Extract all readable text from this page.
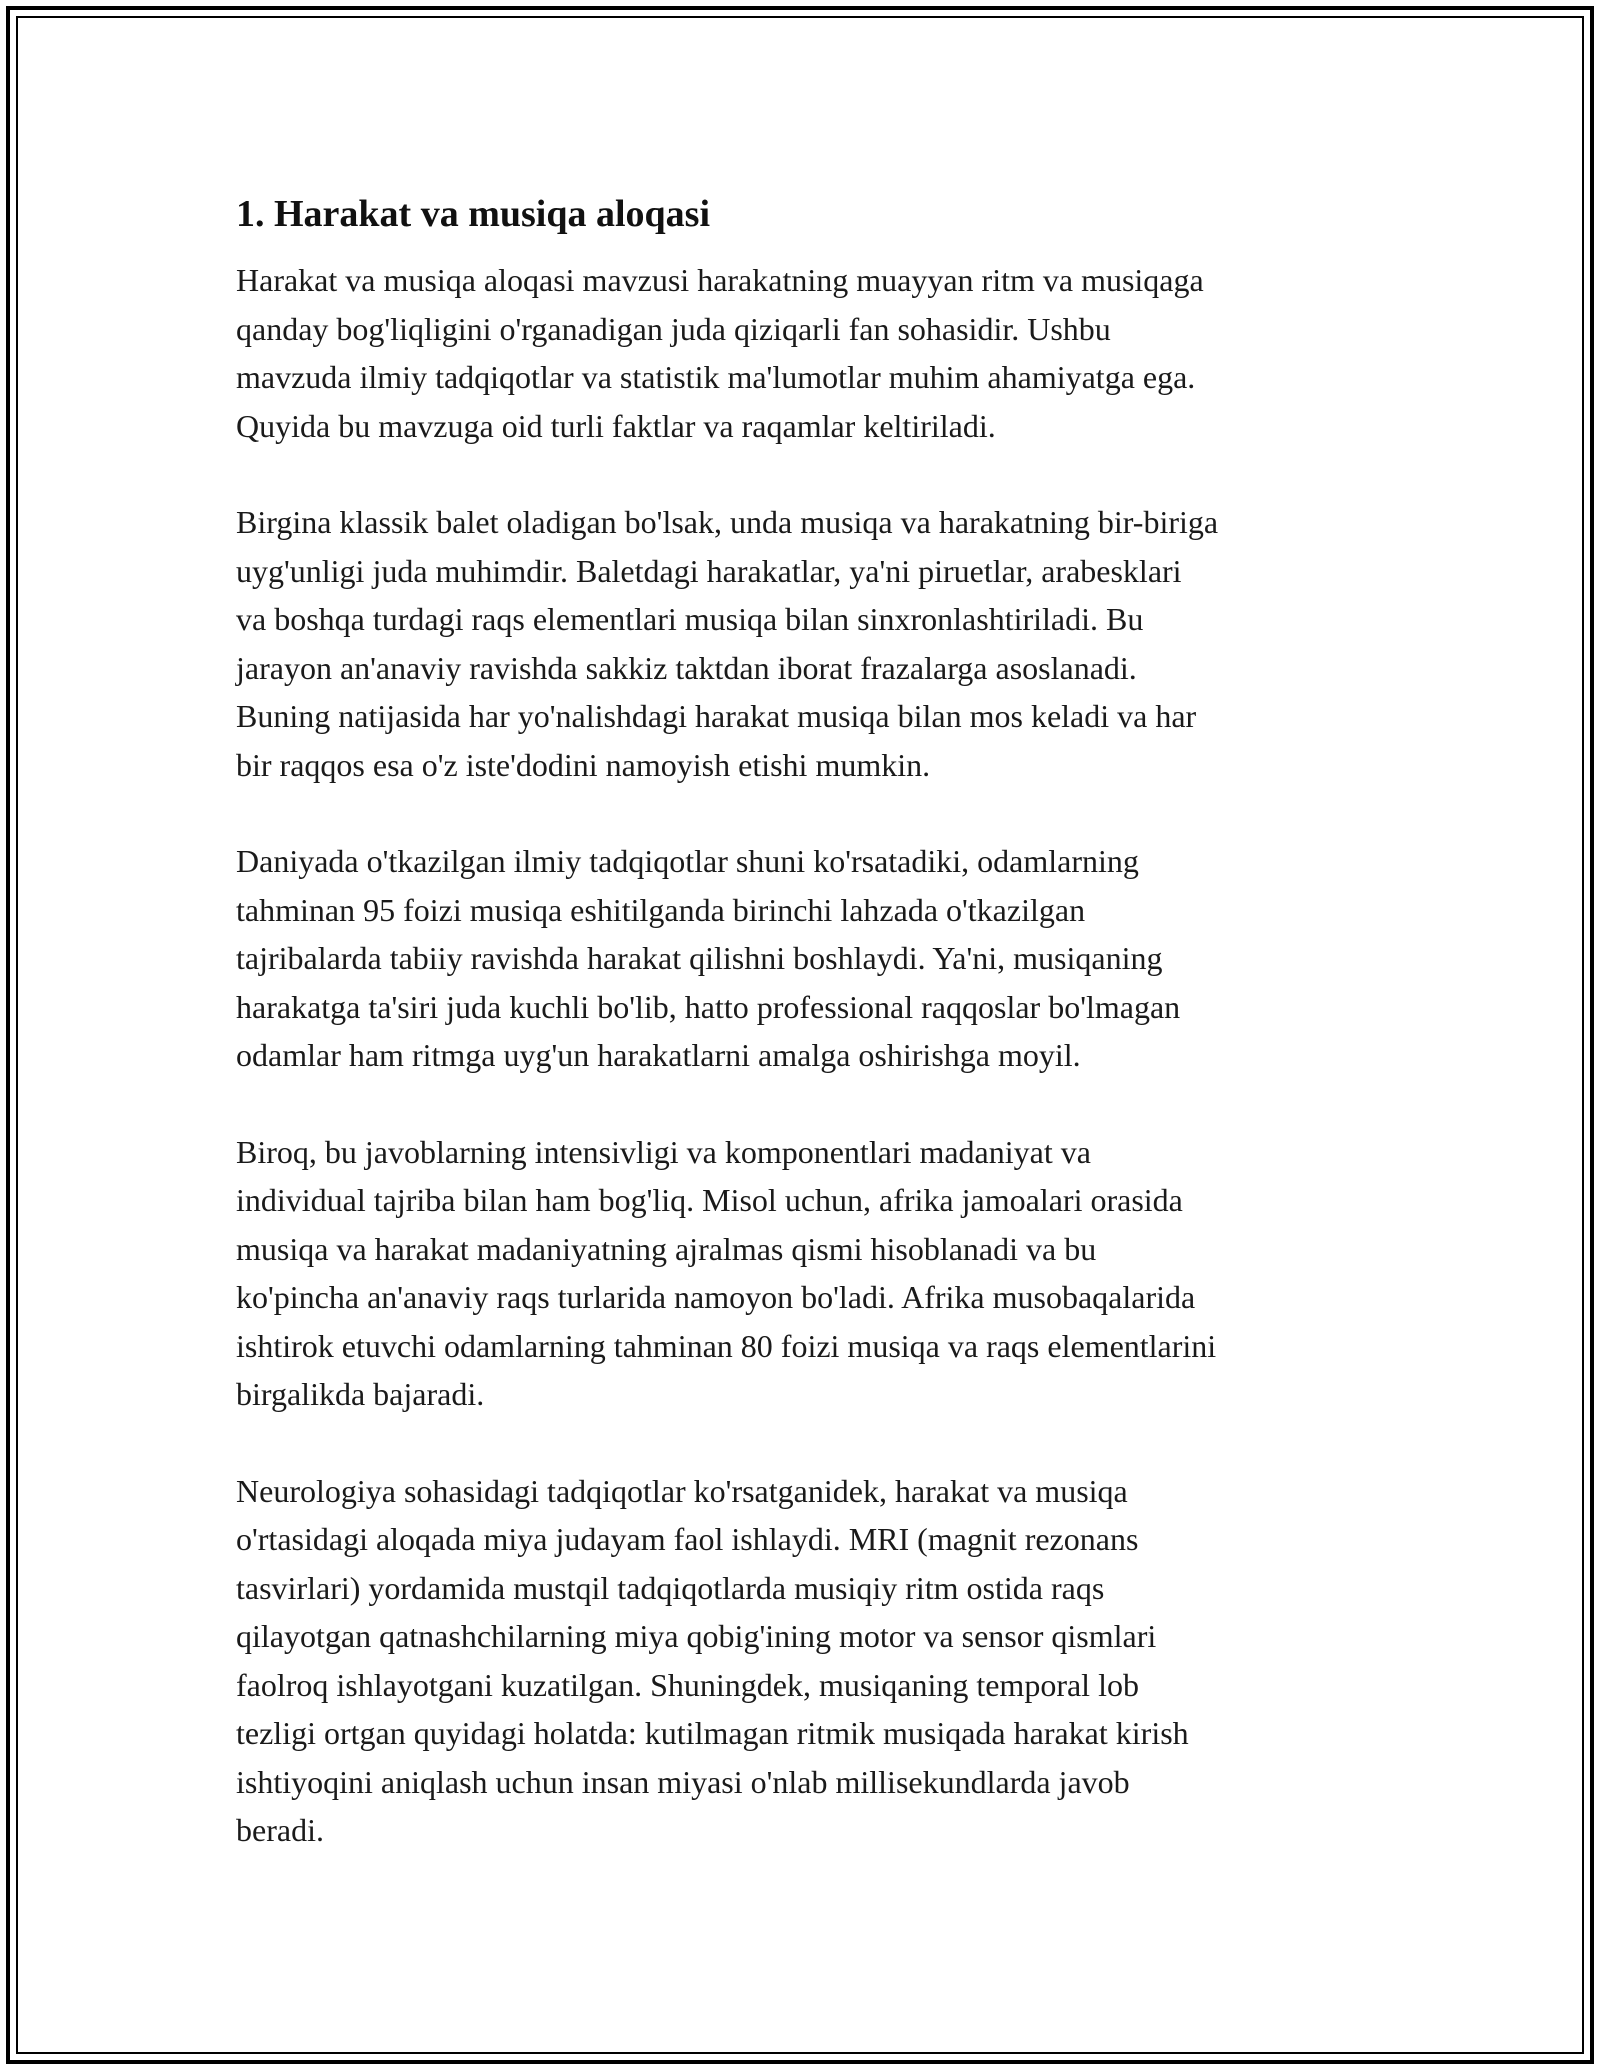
1. Harakat va musiqa aloqasi

Harakat va musiqa aloqasi mavzusi harakatning muayyan ritm va musiqaga
qanday bog'liqligini o'rganadigan juda qiziqarli fan sohasidir. Ushbu
mavzuda ilmiy tadqiqotlar va statistik ma'lumotlar muhim ahamiyatga ega.
Quyida bu mavzuga oid turli faktlar va raqamlar keltiriladi.

Birgina klassik balet oladigan bo'lsak, unda musiqa va harakatning bir-biriga
uyg'unligi juda muhimdir. Baletdagi harakatlar, ya'ni piruetlar, arabesklari
va boshqa turdagi raqs elementlari musiqa bilan sinxronlashtiriladi. Bu
jarayon an'anaviy ravishda sakkiz taktdan iborat frazalarga asoslanadi.
Buning natijasida har yo'nalishdagi harakat musiqa bilan mos keladi va har
bir raqqos esa o'z iste'dodini namoyish etishi mumkin.

Daniyada o'tkazilgan ilmiy tadqiqotlar shuni ko'rsatadiki, odamlarning
tahminan 95 foizi musiqa eshitilganda birinchi lahzada o'tkazilgan
tajribalarda tabiiy ravishda harakat qilishni boshlaydi. Ya'ni, musiqaning
harakatga ta'siri juda kuchli bo'lib, hatto professional raqqoslar bo'lmagan
odamlar ham ritmga uyg'un harakatlarni amalga oshirishga moyil.

Biroq, bu javoblarning intensivligi va komponentlari madaniyat va
individual tajriba bilan ham bog'liq. Misol uchun, afrika jamoalari orasida
musiqa va harakat madaniyatning ajralmas qismi hisoblanadi va bu
ko'pincha an'anaviy raqs turlarida namoyon bo'ladi. Afrika musobaqalarida
ishtirok etuvchi odamlarning tahminan 80 foizi musiqa va raqs elementlarini
birgalikda bajaradi.

Neurologiya sohasidagi tadqiqotlar ko'rsatganidek, harakat va musiqa
o'rtasidagi aloqada miya judayam faol ishlaydi. MRI (magnit rezonans
tasvirlari) yordamida mustqil tadqiqotlarda musiqiy ritm ostida raqs
qilayotgan qatnashchilarning miya qobig'ining motor va sensor qismlari
faolroq ishlayotgani kuzatilgan. Shuningdek, musiqaning temporal lob
tezligi ortgan quyidagi holatda: kutilmagan ritmik musiqada harakat kirish
ishtiyoqini aniqlash uchun insan miyasi o'nlab millisekundlarda javob
beradi.
